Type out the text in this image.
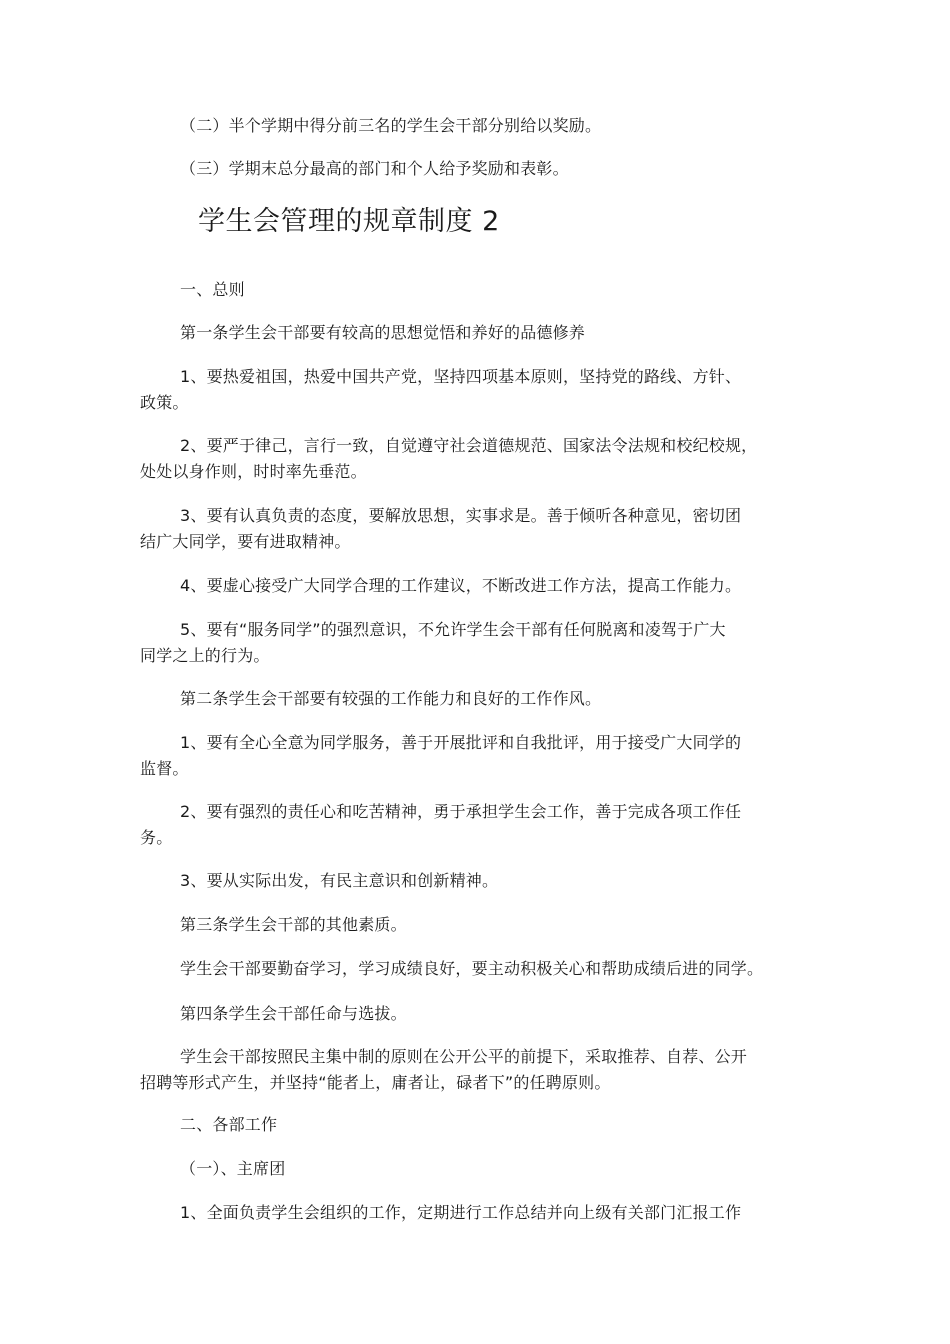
（二）半个学期中得分前三名的学生会干部分别给以奖励。
（三）学期末总分最高的部门和个人给予奖励和表彰。
学生会管理的规章制度 2
一、总则
第一条学生会干部要有较高的思想觉悟和养好的品德修养
1、要热爱祖国，热爱中国共产党，坚持四项基本原则，坚持党的路线、方针、
政策。
2、要严于律己，言行一致，自觉遵守社会道德规范、国家法令法规和校纪校规，
处处以身作则，时时率先垂范。
3、要有认真负责的态度，要解放思想，实事求是。善于倾听各种意见，密切团
结广大同学，要有进取精神。
4、要虚心接受广大同学合理的工作建议，不断改进工作方法，提高工作能力。
5、要有“服务同学”的强烈意识，不允许学生会干部有任何脱离和凌驾于广大
同学之上的行为。
第二条学生会干部要有较强的工作能力和良好的工作作风。
1、要有全心全意为同学服务，善于开展批评和自我批评，用于接受广大同学的
监督。
2、要有强烈的责任心和吃苦精神，勇于承担学生会工作，善于完成各项工作任
务。
3、要从实际出发，有民主意识和创新精神。
第三条学生会干部的其他素质。
学生会干部要勤奋学习，学习成绩良好，要主动积极关心和帮助成绩后进的同学。
第四条学生会干部任命与选拔。
学生会干部按照民主集中制的原则在公开公平的前提下，采取推荐、自荐、公开
招聘等形式产生，并坚持“能者上，庸者让，碌者下”的任聘原则。
二、各部工作
（一）、主席团
1、全面负责学生会组织的工作，定期进行工作总结并向上级有关部门汇报工作
